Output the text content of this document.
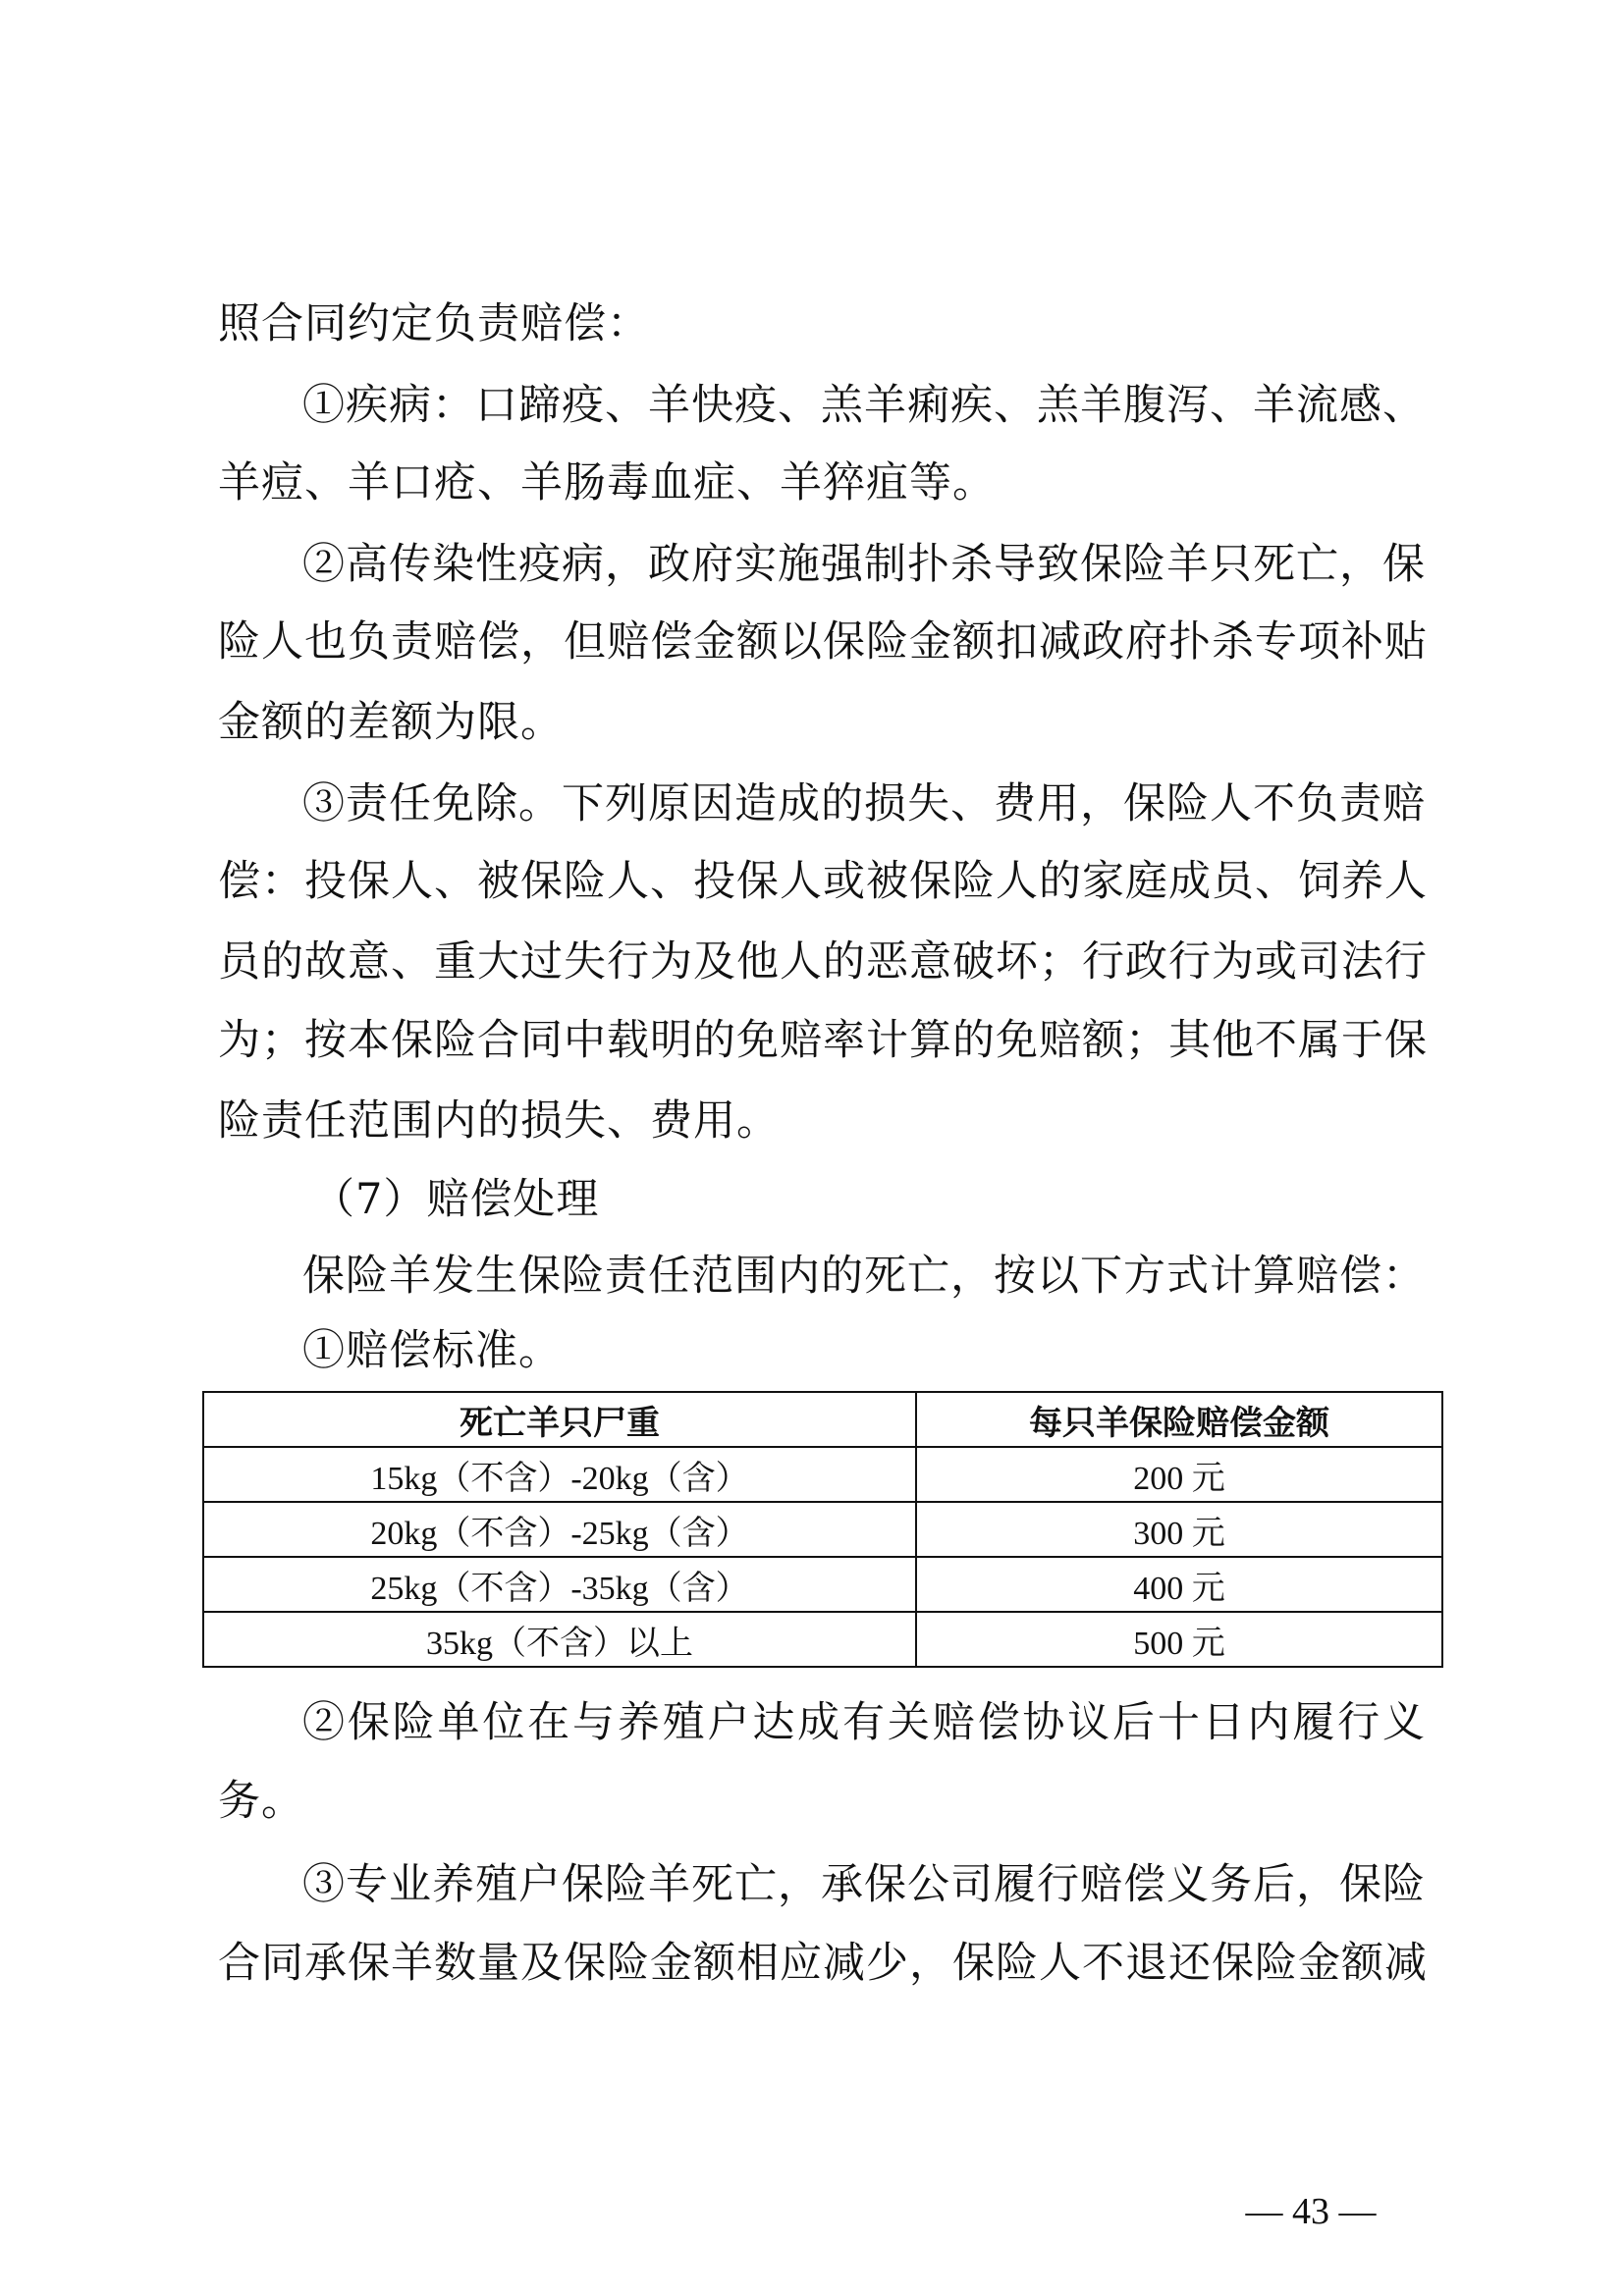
照合同约定负责赔偿：
①疾病：口蹄疫、羊快疫、羔羊痢疾、羔羊腹泻、羊流感、
羊痘、羊口疮、羊肠毒血症、羊猝疽等。
②高传染性疫病，政府实施强制扑杀导致保险羊只死亡，保
险人也负责赔偿，但赔偿金额以保险金额扣减政府扑杀专项补贴
金额的差额为限。
③责任免除。下列原因造成的损失、费用，保险人不负责赔
偿：投保人、被保险人、投保人或被保险人的家庭成员、饲养人
员的故意、重大过失行为及他人的恶意破坏；行政行为或司法行
为；按本保险合同中载明的免赔率计算的免赔额；其他不属于保
险责任范围内的损失、费用。
（7）赔偿处理
保险羊发生保险责任范围内的死亡，按以下方式计算赔偿：
①赔偿标准。
死亡羊只尸重	每只羊保险赔偿金额
15kg（不含）-20kg（含）	200 元
20kg（不含）-25kg（含）	300 元
25kg（不含）-35kg（含）	400 元
35kg（不含）以上	500 元
②保险单位在与养殖户达成有关赔偿协议后十日内履行义
务。
③专业养殖户保险羊死亡，承保公司履行赔偿义务后，保险
合同承保羊数量及保险金额相应减少，保险人不退还保险金额减
— 43 —
